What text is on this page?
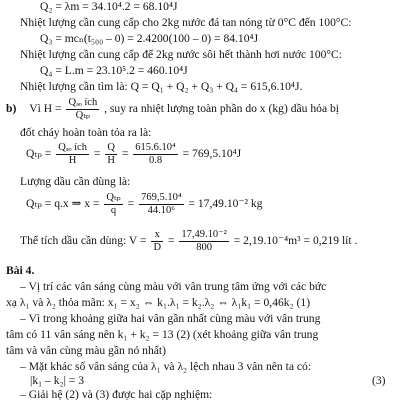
Q₂ = λm = 34.10⁴.2 = 68.10⁴J
Nhiệt lượng cần cung cấp cho 2kg nước đá tan nóng từ 0°C đến 100°C:
Q₃ = mcₙ(t₅₀₀ – 0) = 2.4200(100 – 0) = 84.10⁴J
Nhiệt lượng cần cung cấp để 2kg nước sôi hết thành hơi nước 100°C:
Q₄ = L.m = 23.10⁵.2 = 460.10⁴J
Nhiệt lượng cần tìm là: Q = Q₁ + Q₂ + Q₃ + Q₄ = 615,6.10⁴J.
b) Vì $H = \frac{\text{Qₔₒ ích}}{\text{Qₜₚ}}$ , suy ra nhiệt lượng toàn phần do x (kg) dầu hỏa bị
đốt cháy hoàn toàn tỏa ra là:
$Q_{tp} = \frac{\text{Qₔₒ ích}}{H} = \frac{Q}{H} = \frac{\text{615.6.10⁴}}{0.8} = 769,5.10^4J$
Lượng dầu cần dùng là:
Qₜₚ = q.x ⇒ $x = \frac{\text{Qₜₚ}}{q} = \frac{\text{769,5.10⁴}}{\text{44.10⁶}} = 17,49.10^{-2}$ kg
Thể tích dầu cần dùng: $V = \frac{x}{D} = \frac{\text{17,49.10⁻²}}{800} = 2,19.10^{-4}m^3 = 0,219$ lít .
Bài 4.
– Vị trí các vân sáng cùng màu với vân trung tâm ứng với các bức
xạ λ₁ và λ₂ thỏa mãn: x₁ = x₂ ⇔ k₁.λ₁ = k₂.λ₂ ⇔ λ₁k₁ = 0,46k₂ (1)
– Vì trong khoảng giữa hai vân gần nhất cùng màu với vân trung
tâm có 11 vân sáng nên k₁ + k₂ = 13 (2) (xét khoảng giữa vân trung
tâm và vân cùng màu gần nó nhất)
– Mặt khác số vân sáng của λ₁ và λ₂ lệch nhau 3 vân nên ta có:
|k₁ – k₂| = 3	(3)
– Giải hệ (2) và (3) được hai cặp nghiệm:
